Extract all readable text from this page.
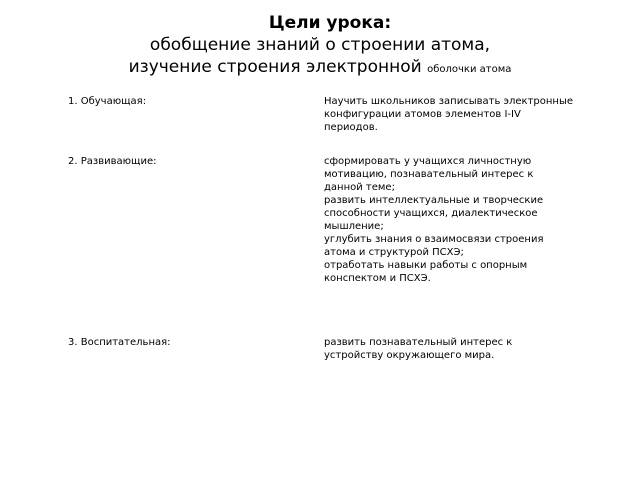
Цели урока:
обобщение знаний о строении атома,
изучение строения электронной оболочки атома
1. Обучающая:	Научить школьников записывать электронные конфигурации атомов элементов I-IV периодов.

2. Развивающие:	сформировать у учащихся личностную мотивацию, познавательный интерес к данной теме;

развить интеллектуальные и творческие способности учащихся, диалектическое мышление;

углубить знания о взаимосвязи строения атома и структурой ПСХЭ;

отработать навыки работы с опорным конспектом и ПСХЭ.

3. Воспитательная:	развить познавательный интерес к устройству окружающего мира.
